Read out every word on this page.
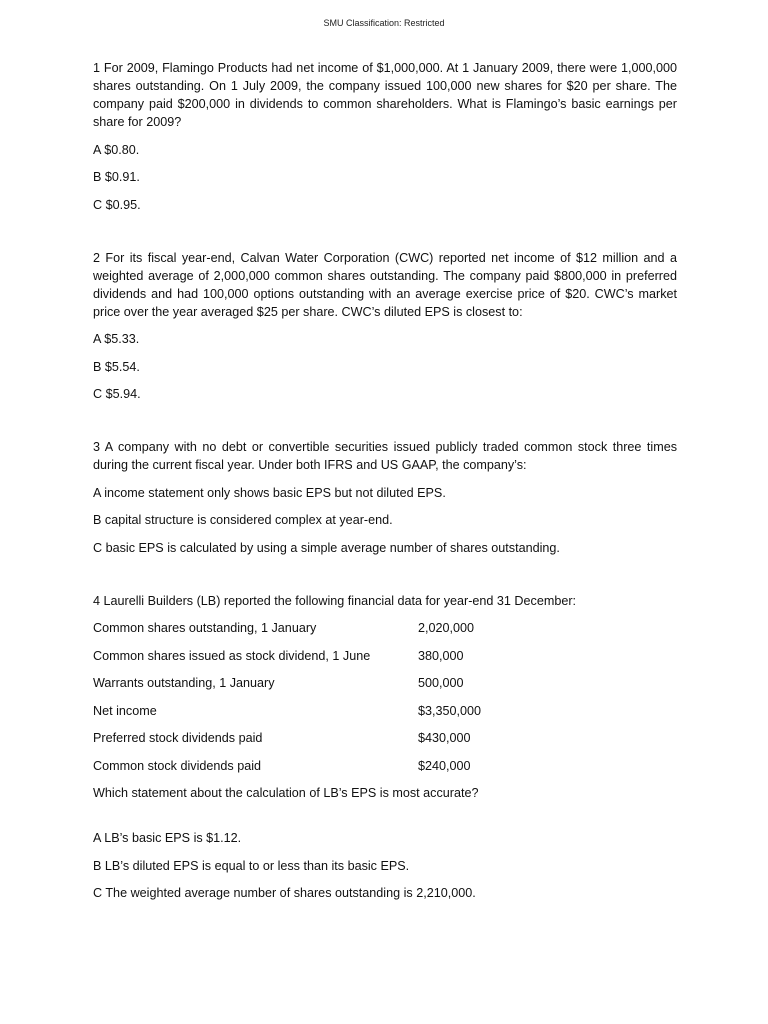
SMU Classification: Restricted

1 For 2009, Flamingo Products had net income of $1,000,000. At 1 January 2009, there were 1,000,000 shares outstanding. On 1 July 2009, the company issued 100,000 new shares for $20 per share. The company paid $200,000 in dividends to common shareholders. What is Flamingo’s basic earnings per share for 2009?

A $0.80.

B $0.91.

C $0.95.

2 For its fiscal year-end, Calvan Water Corporation (CWC) reported net income of $12 million and a weighted average of 2,000,000 common shares outstanding. The company paid $800,000 in preferred dividends and had 100,000 options outstanding with an average exercise price of $20. CWC’s market price over the year averaged $25 per share. CWC’s diluted EPS is closest to:

A $5.33.

B $5.54.

C $5.94.

3 A company with no debt or convertible securities issued publicly traded common stock three times during the current fiscal year. Under both IFRS and US GAAP, the company’s:

A income statement only shows basic EPS but not diluted EPS.

B capital structure is considered complex at year-end.

C basic EPS is calculated by using a simple average number of shares outstanding.

4 Laurelli Builders (LB) reported the following financial data for year-end 31 December:

Common shares outstanding, 1 January	2,020,000
Common shares issued as stock dividend, 1 June	380,000
Warrants outstanding, 1 January	500,000
Net income	$3,350,000
Preferred stock dividends paid	$430,000
Common stock dividends paid	$240,000

Which statement about the calculation of LB’s EPS is most accurate?

A LB’s basic EPS is $1.12.

B LB’s diluted EPS is equal to or less than its basic EPS.

C The weighted average number of shares outstanding is 2,210,000.
